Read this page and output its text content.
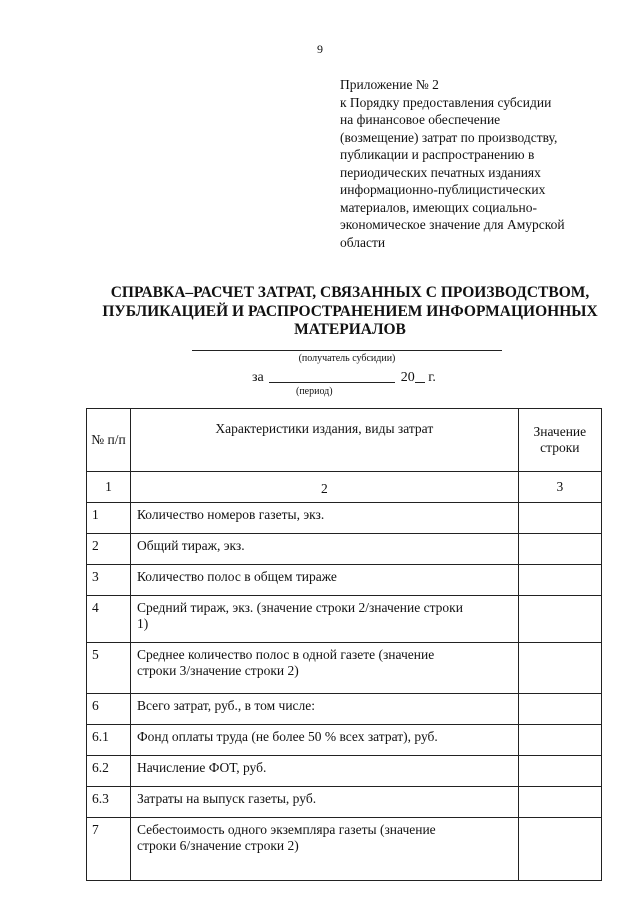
9
Приложение № 2
к Порядку предоставления субсидии
на финансовое обеспечение
(возмещение) затрат по производству,
публикации и распространению в
периодических печатных изданиях
информационно-публицистических
материалов, имеющих социально-
экономическое значение для Амурской
области
СПРАВКА–РАСЧЕТ ЗАТРАТ, СВЯЗАННЫХ С ПРОИЗВОДСТВОМ,
ПУБЛИКАЦИЕЙ И РАСПРОСТРАНЕНИЕМ ИНФОРМАЦИОННЫХ
МАТЕРИАЛОВ
(получатель субсидии)
за	20 г.
(период)
№ п/п	Характеристики издания, виды затрат	Значение строки
1	2	3
1	Количество номеров газеты, экз.	

2	Общий тираж, экз.	

3	Количество полос в общем тираже	

4	Средний тираж, экз. (значение строки 2/значение строки
1)	

5	Среднее количество полос в одной газете (значение
строки 3/значение строки 2)	

6	Всего затрат, руб., в том числе:	

6.1	Фонд оплаты труда (не более 50 % всех затрат), руб.	

6.2	Начисление ФОТ, руб.	

6.3	Затраты на выпуск газеты, руб.	

7	Себестоимость одного экземпляра газеты (значение
строки 6/значение строки 2)	
